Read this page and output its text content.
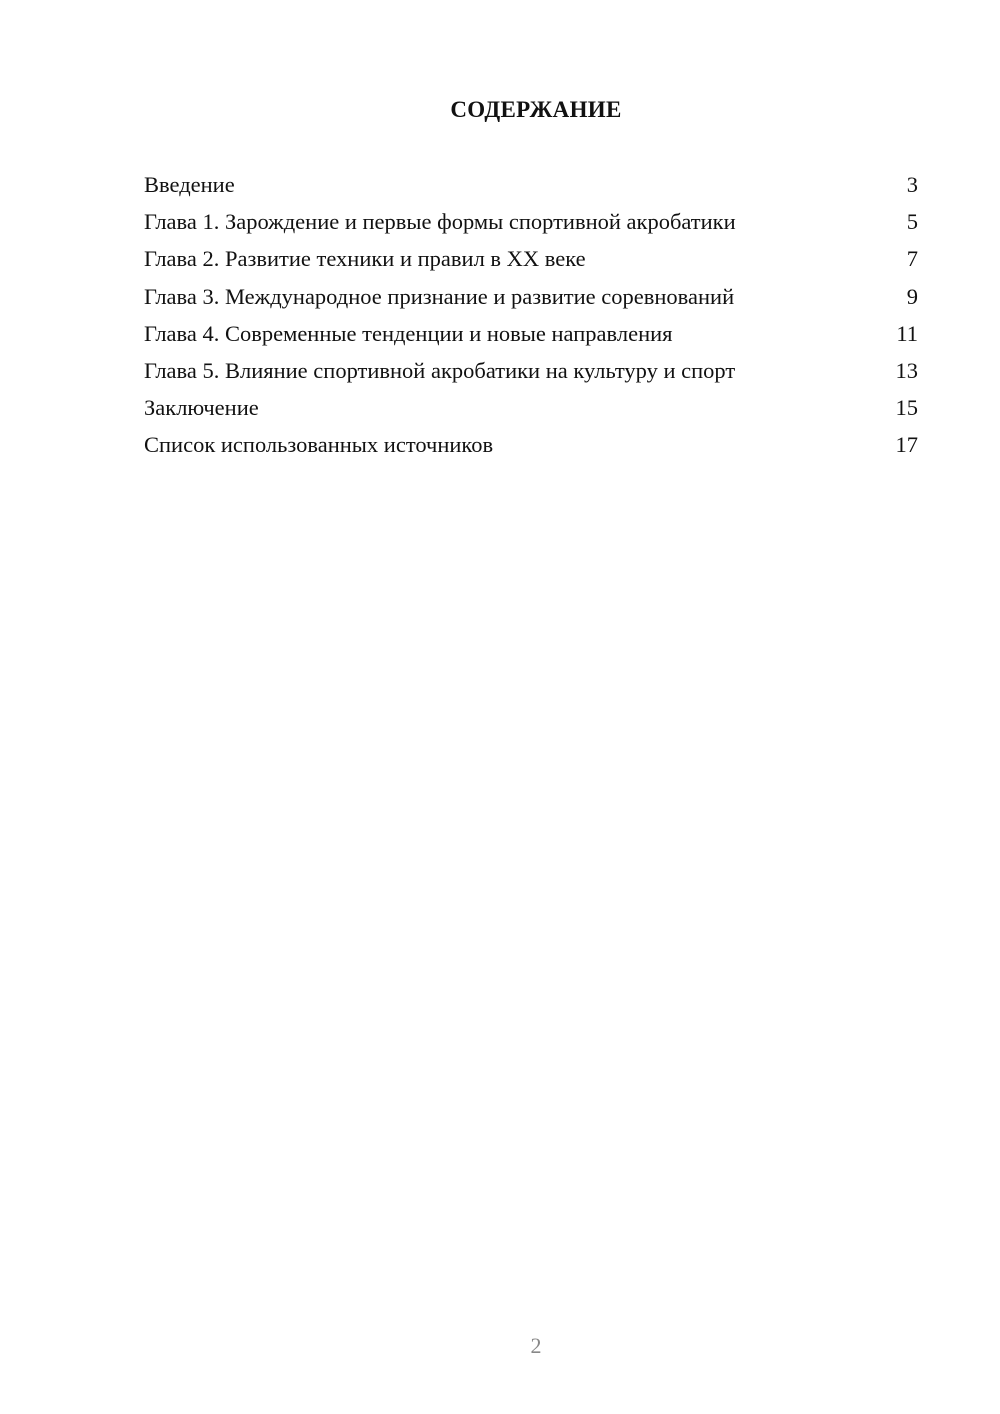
СОДЕРЖАНИЕ
Введение	3
Глава 1. Зарождение и первые формы спортивной акробатики	5
Глава 2. Развитие техники и правил в XX веке	7
Глава 3. Международное признание и развитие соревнований	9
Глава 4. Современные тенденции и новые направления	11
Глава 5. Влияние спортивной акробатики на культуру и спорт	13
Заключение	15
Список использованных источников	17
2
